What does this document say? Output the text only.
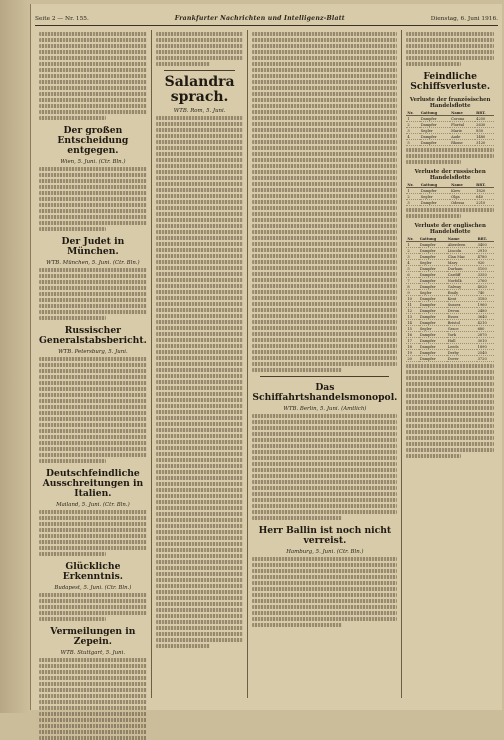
Seite 2 — Nr. 155.	Frankfurter Nachrichten und Intelligenz-Blatt	Dienstag, 6. Juni 1916.
Der großen Entscheidung entgegen.
Wien, 5. Juni. (Ctr. Bln.)
Der Judet in München.
WTB. München, 5. Juni. (Ctr. Bln.)
Russischer Generalstabsbericht.
WTB. Petersburg, 5. Juni.
Deutschfeindliche Ausschreitungen in Italien.
Mailand, 5. Juni. (Ctr. Bln.)
Glückliche Erkenntnis.
Budapest, 5. Juni. (Ctr. Bln.)
Vermeilungen in Zepein.
WTB. Stuttgart, 5. Juni.
Salandra sprach.
WTB. Rom, 5. Juni.
Das Schiffahrtshandelsmonopol.
WTB. Berlin, 5. Juni. (Amtlich)
Herr Ballin ist noch nicht verreist.
Hamburg, 5. Juni. (Ctr. Bln.)
Feindliche Schiffsverluste.
Verluste der französischen Handelsflotte
Nr.	Gattung	Name	BRT.
1	Dampfer	Corona	4250
2	Dampfer	Floréal	2630
3	Segler	Marie	850
4	Dampfer	Aude	1480
5	Dampfer	Rhone	3120
Verluste der russischen Handelsflotte
Nr.	Gattung	Name	BRT.
1	Dampfer	Kiew	1820
2	Segler	Olga	640
3	Dampfer	Odessa	2210
Verluste der englischen Handelsflotte
Nr.	Gattung	Name	BRT.
1	Dampfer	Aberdeen	3400
2	Dampfer	Lincoln	2910
3	Dampfer	Clan Mac	4780
4	Segler	Mary	920
5	Dampfer	Durham	5100
6	Dampfer	Cardiff	3350
7	Dampfer	Norfolk	2760
8	Dampfer	Galway	4020
9	Segler	Emily	740
10	Dampfer	Kent	3180
11	Dampfer	Sussex	1960
12	Dampfer	Devon	2480
13	Dampfer	Essex	3640
14	Dampfer	Bristol	4210
15	Segler	Grace	680
16	Dampfer	York	2870
17	Dampfer	Hull	3010
18	Dampfer	Leeds	1890
19	Dampfer	Derby	2540
20	Dampfer	Dover	3720
